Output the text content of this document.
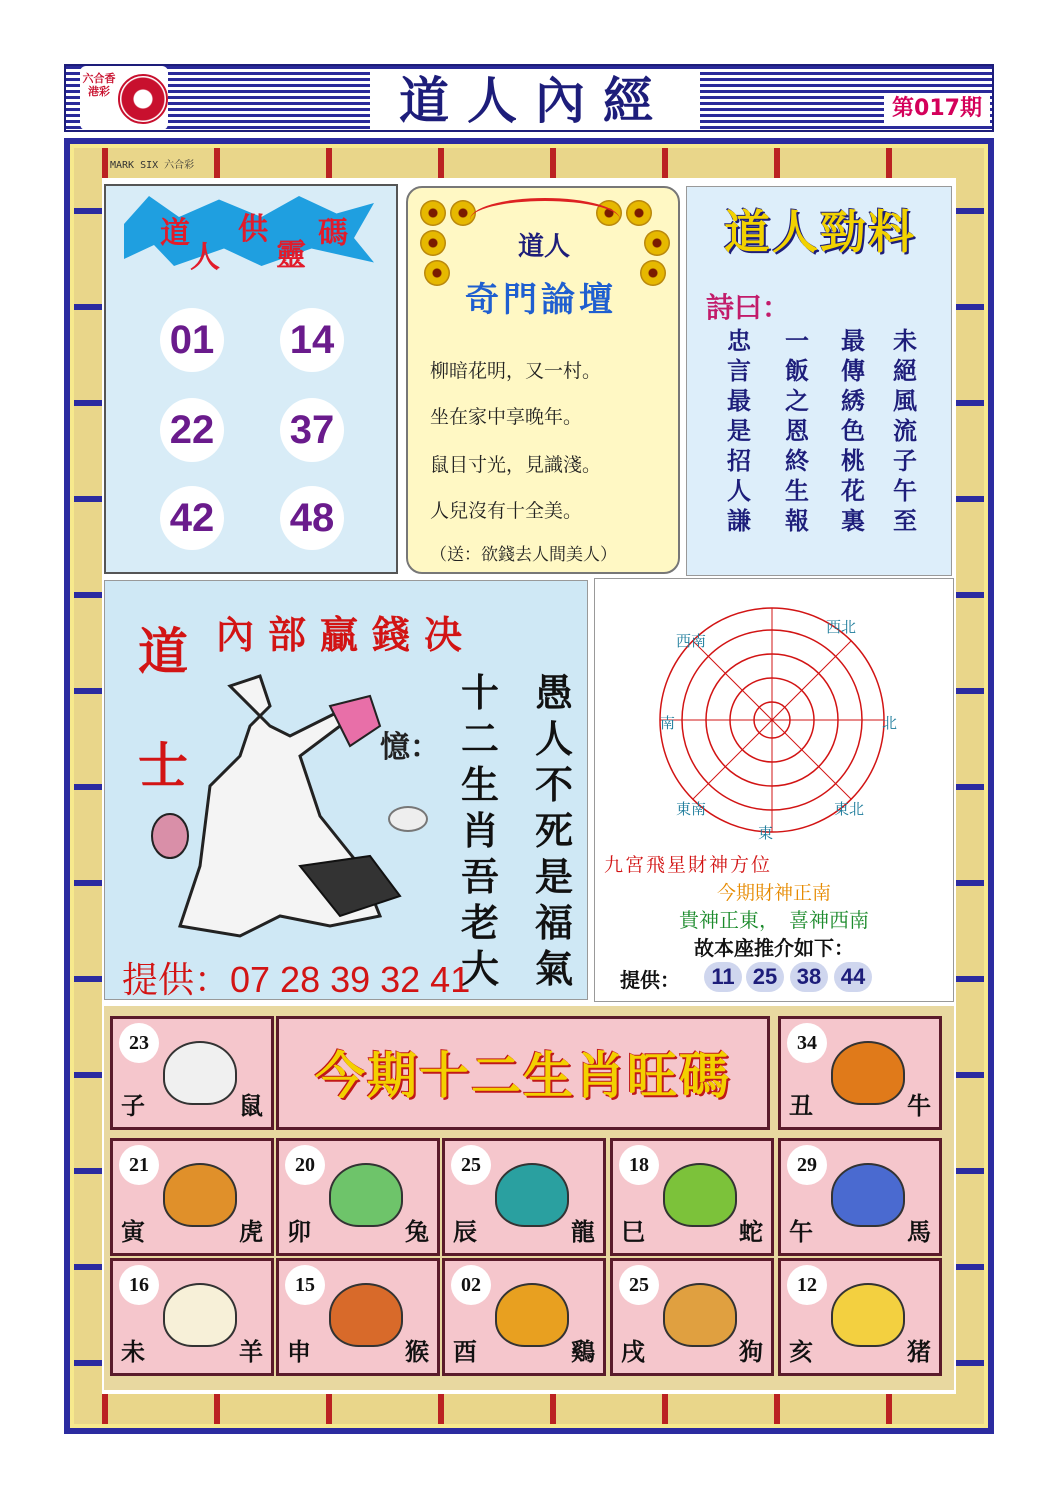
六合香港彩	道人內經	第017期
MARK SIX 六合彩
道
人
供
靈
碼
01 14
22 37
42 48
道人
奇門論壇
柳暗花明，又一村。
坐在家中享晚年。
鼠目寸光，見識淺。
人兒沒有十全美。
（送：欲錢去人間美人）
道人勁料
詩曰：
未絕風流子午至
最傳綉色桃花裏
一飯之恩終生報
忠言最是招人謙
內部贏錢决
道
士	憶：
愚人不死是福氣
十二生肖吾老大
提供：07 28 39 32 41
西南
西北
南	北
東南	東北
東
九宮飛星財神方位
今期財神正南
貴神正東，　喜神西南
故本座推介如下：
提供：	11 25 38 44
今期十二生肖旺碼
23
子	鼠
34
丑	牛
21
寅	虎
20
卯	兔
25
辰	龍
18
巳	蛇
29
午	馬
16
未	羊
15
申	猴
02
酉	鷄
25
戌	狗
12
亥	猪
